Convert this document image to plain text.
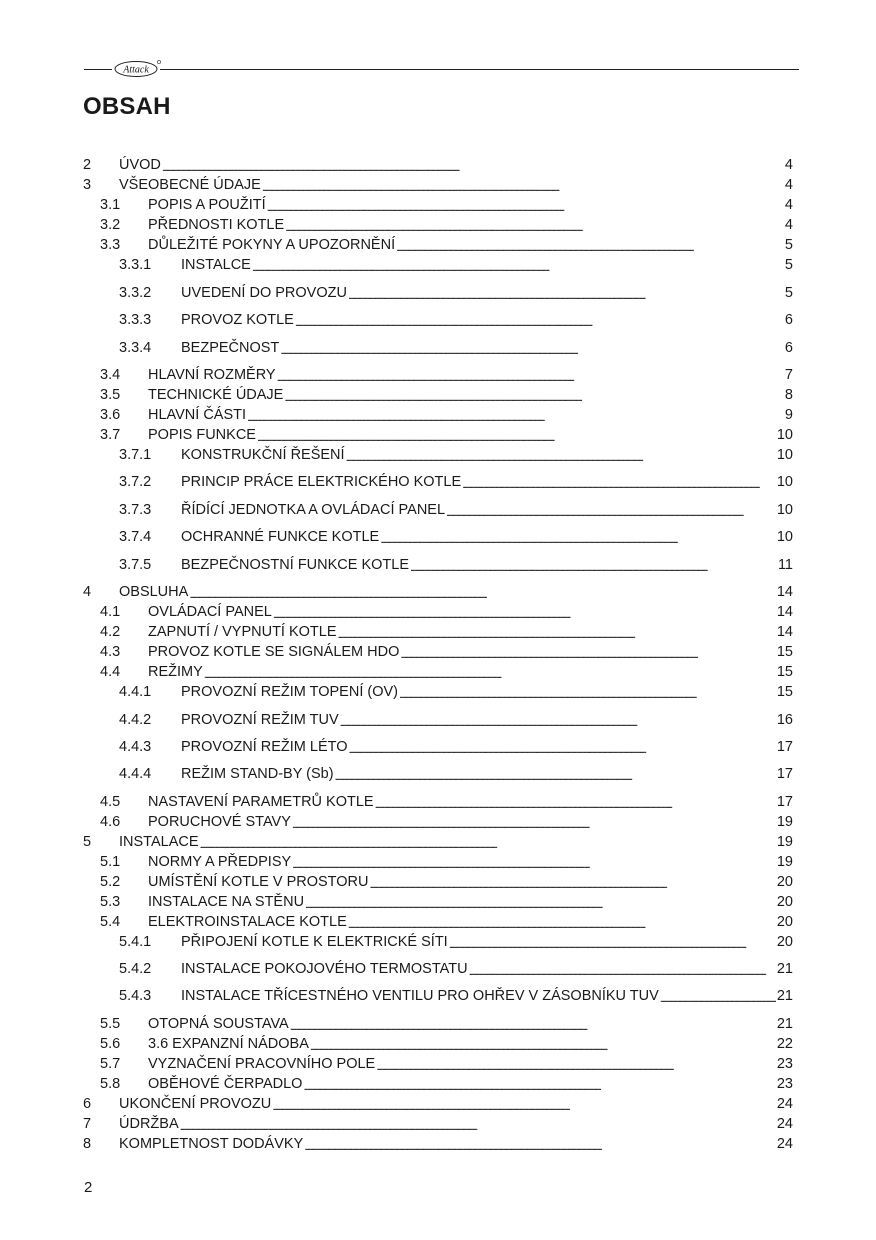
Attack
OBSAH
2	ÚVOD . . .	4
3	VŠEOBECNÉ ÚDAJE . . .	4
3.1	POPIS A POUŽITÍ . . .	4
3.2	PŘEDNOSTI KOTLE . . .	4
3.3	DŮLEŽITÉ POKYNY A UPOZORNĚNÍ . . .	5
3.3.1	INSTALCE . . .	5
3.3.2	UVEDENÍ DO PROVOZU . . .	5
3.3.3	PROVOZ KOTLE . . .	6
3.3.4	BEZPEČNOST . . .	6
3.4	HLAVNÍ ROZMĚRY . . .	7
3.5	TECHNICKÉ ÚDAJE . . .	8
3.6	HLAVNÍ ČÁSTI . . .	9
3.7	POPIS FUNKCE . . .	10
3.7.1	KONSTRUKČNÍ ŘEŠENÍ . . .	10
3.7.2	PRINCIP PRÁCE ELEKTRICKÉHO KOTLE . . .	10
3.7.3	ŘÍDÍCÍ JEDNOTKA A OVLÁDACÍ PANEL . . .	10
3.7.4	OCHRANNÉ FUNKCE KOTLE . . .	10
3.7.5	BEZPEČNOSTNÍ FUNKCE KOTLE . . .	11
4	OBSLUHA . . .	14
4.1	OVLÁDACÍ PANEL . . .	14
4.2	ZAPNUTÍ / VYPNUTÍ KOTLE . . .	14
4.3	PROVOZ KOTLE SE SIGNÁLEM HDO . . .	15
4.4	REŽIMY . . .	15
4.4.1	PROVOZNÍ REŽIM TOPENÍ (OV) . . .	15
4.4.2	PROVOZNÍ REŽIM TUV . . .	16
4.4.3	PROVOZNÍ REŽIM LÉTO . . .	17
4.4.4	REŽIM STAND-BY (Sb) . . .	17
4.5	NASTAVENÍ PARAMETRŮ KOTLE . . .	17
4.6	PORUCHOVÉ STAVY . . .	19
5	INSTALACE . . .	19
5.1	NORMY A PŘEDPISY . . .	19
5.2	UMÍSTĚNÍ KOTLE V PROSTORU . . .	20
5.3	INSTALACE NA STĚNU . . .	20
5.4	ELEKTROINSTALACE KOTLE . . .	20
5.4.1	PŘIPOJENÍ KOTLE K ELEKTRICKÉ SÍTI . . .	20
5.4.2	INSTALACE POKOJOVÉHO TERMOSTATU . . .	21
5.4.3	INSTALACE TŘÍCESTNÉHO VENTILU PRO OHŘEV V ZÁSOBNÍKU TUV . . .	21
5.5	OTOPNÁ SOUSTAVA . . .	21
5.6	3.6 EXPANZNÍ NÁDOBA . . .	22
5.7	VYZNAČENÍ PRACOVNÍHO POLE . . .	23
5.8	OBĚHOVÉ ČERPADLO . . .	23
6	UKONČENÍ PROVOZU . . .	24
7	ÚDRŽBA . . .	24
8	KOMPLETNOST DODÁVKY . . .	24

2
